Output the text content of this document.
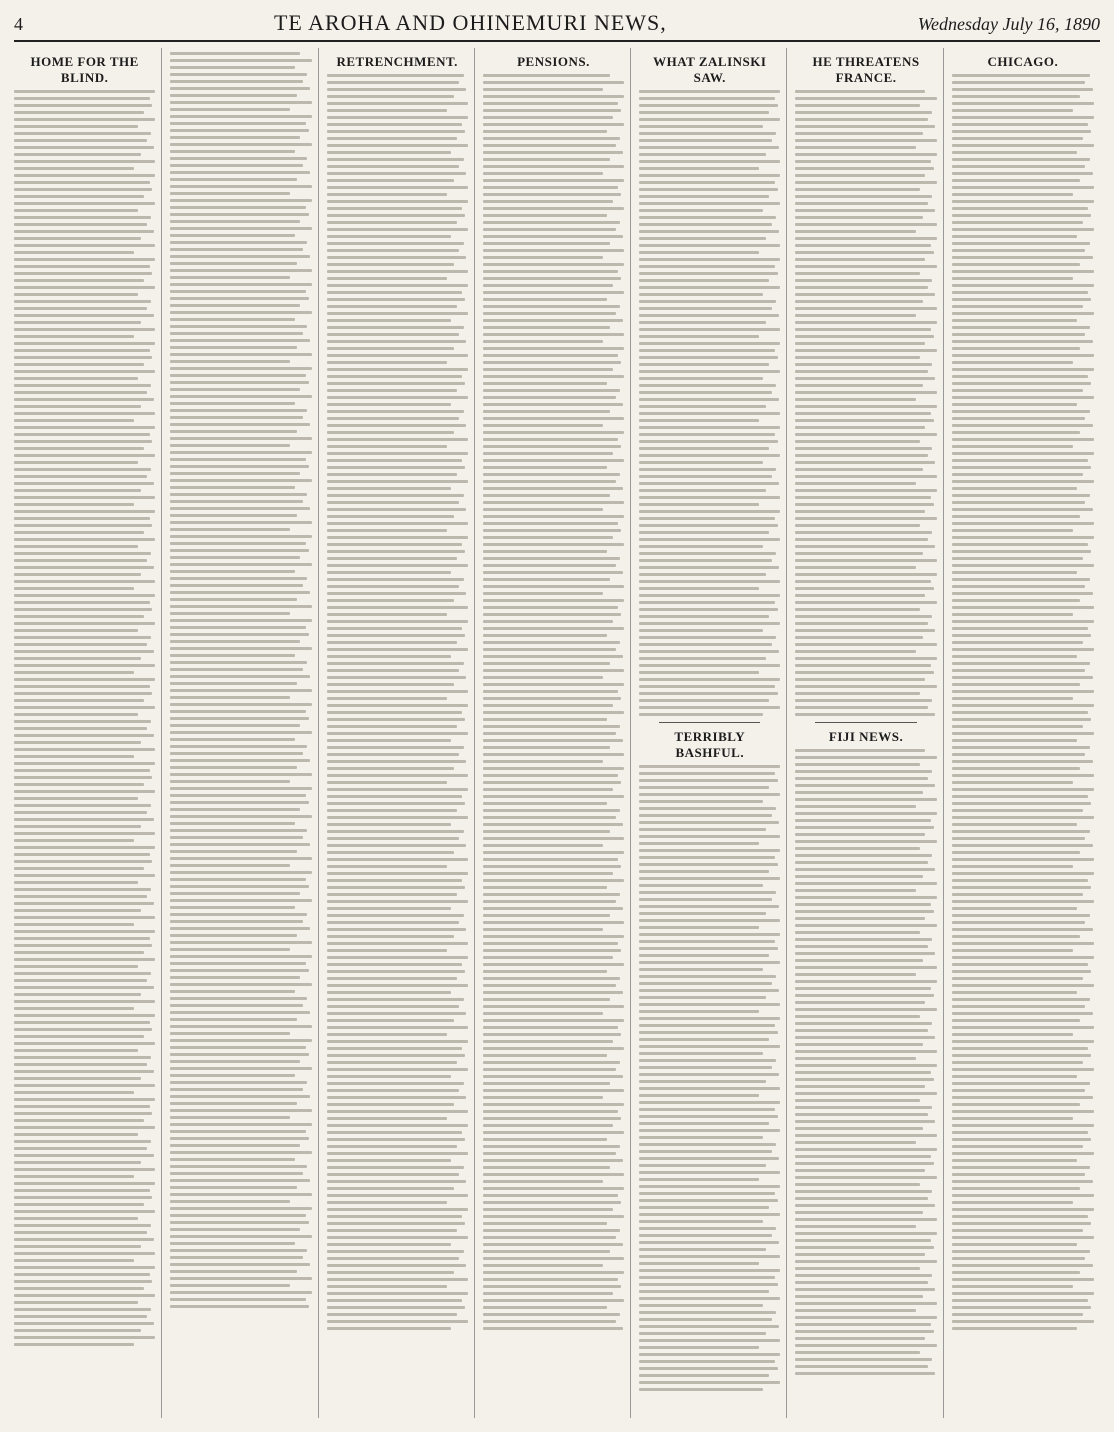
4	TE AROHA AND OHINEMURI NEWS,	Wednesday July 16, 1890
HOME FOR THE BLIND.
RETRENCHMENT.	PENSIONS.	WHAT ZALINSKI SAW.
TERRIBLY BASHFUL.
HE THREATENS FRANCE.
FIJI NEWS.
CHICAGO.
